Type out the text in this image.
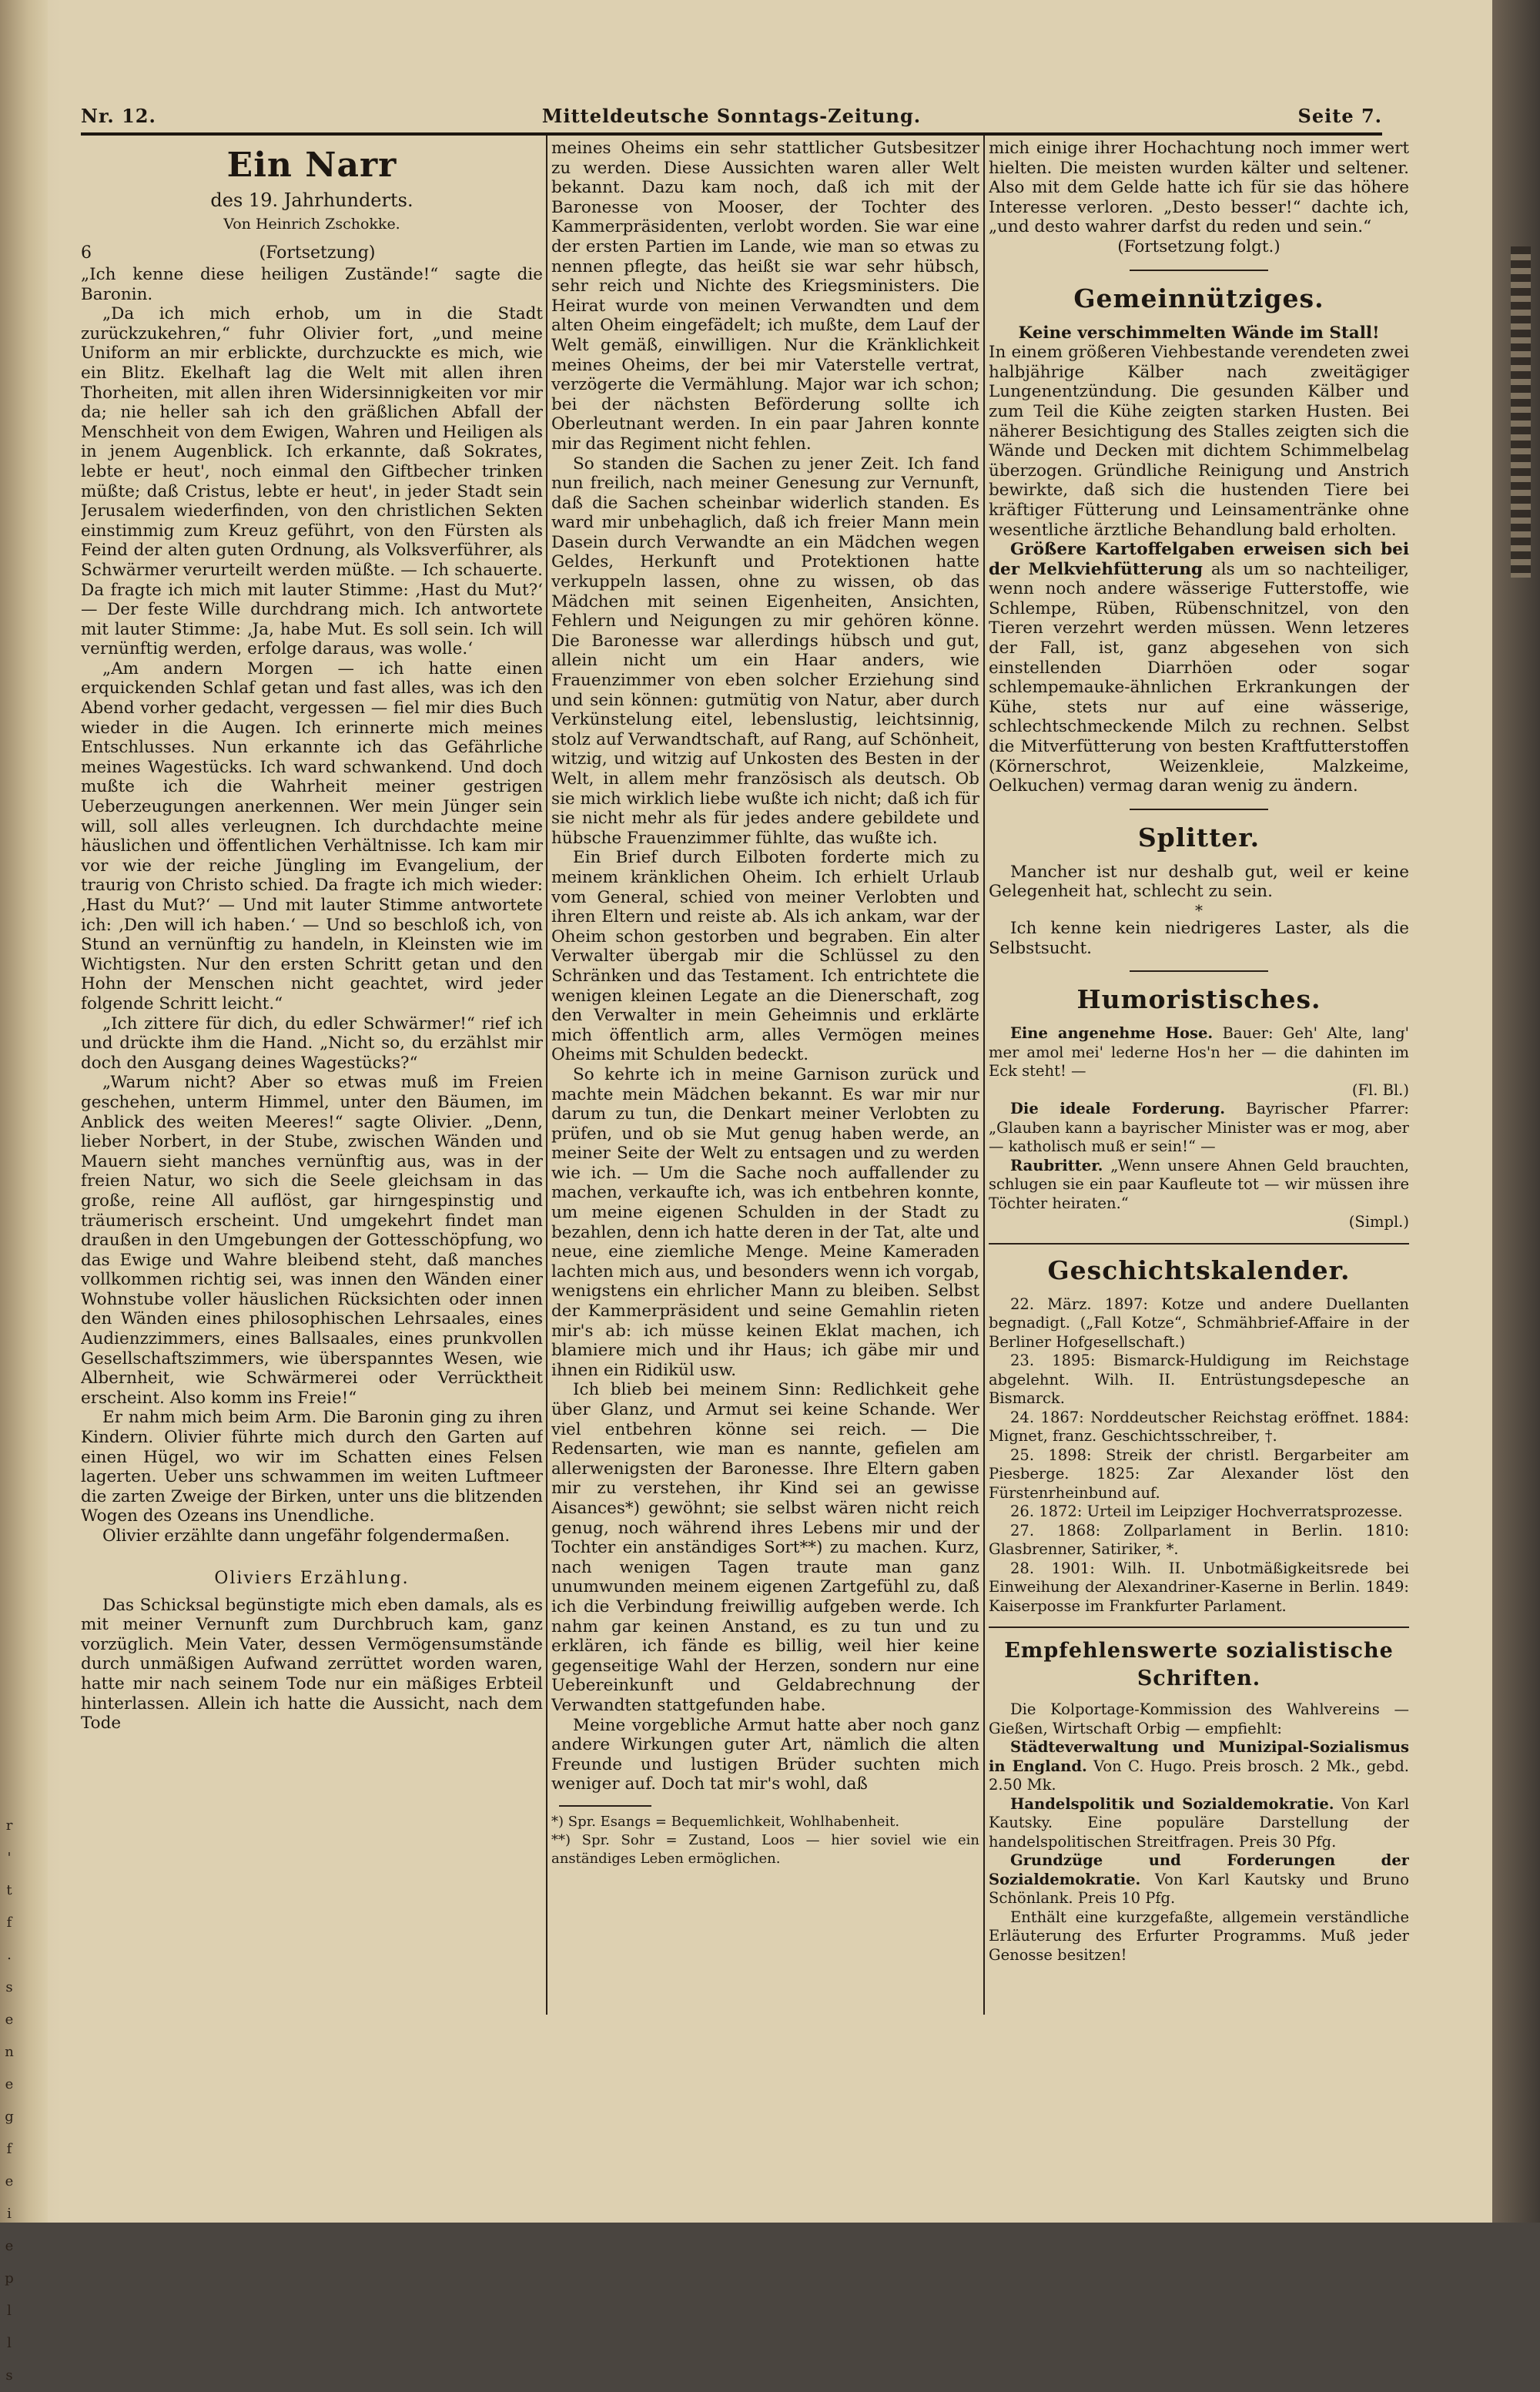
r ' t f . s e n e g f e i e p l l s
Nr. 12.	Mitteldeutsche Sonntags-Zeitung.	Seite 7.
Ein Narr
des 19. Jahrhunderts.
Von Heinrich Zschokke.
6	(Fortsetzung)

„Ich kenne diese heiligen Zustände!“ sagte die Baronin.

„Da ich mich erhob, um in die Stadt zurückzukehren,“ fuhr Olivier fort, „und meine Uniform an mir erblickte, durchzuckte es mich, wie ein Blitz. Ekelhaft lag die Welt mit allen ihren Thorheiten, mit allen ihren Widersinnigkeiten vor mir da; nie heller sah ich den gräßlichen Abfall der Menschheit von dem Ewigen, Wahren und Heiligen als in jenem Augenblick. Ich erkannte, daß Sokrates, lebte er heut', noch einmal den Giftbecher trinken müßte; daß Cristus, lebte er heut', in jeder Stadt sein Jerusalem wiederfinden, von den christlichen Sekten einstimmig zum Kreuz geführt, von den Fürsten als Feind der alten guten Ordnung, als Volksverführer, als Schwärmer verurteilt werden müßte. — Ich schauerte. Da fragte ich mich mit lauter Stimme: ‚Hast du Mut?‘ — Der feste Wille durchdrang mich. Ich antwortete mit lauter Stimme: ‚Ja, habe Mut. Es soll sein. Ich will vernünftig werden, erfolge daraus, was wolle.‘

„Am andern Morgen — ich hatte einen erquickenden Schlaf getan und fast alles, was ich den Abend vorher gedacht, vergessen — fiel mir dies Buch wieder in die Augen. Ich erinnerte mich meines Entschlusses. Nun erkannte ich das Gefährliche meines Wagestücks. Ich ward schwankend. Und doch mußte ich die Wahrheit meiner gestrigen Ueberzeugungen anerkennen. Wer mein Jünger sein will, soll alles verleugnen. Ich durchdachte meine häuslichen und öffentlichen Verhältnisse. Ich kam mir vor wie der reiche Jüngling im Evangelium, der traurig von Christo schied. Da fragte ich mich wieder: ‚Hast du Mut?‘ — Und mit lauter Stimme antwortete ich: ‚Den will ich haben.‘ — Und so beschloß ich, von Stund an vernünftig zu handeln, in Kleinsten wie im Wichtigsten. Nur den ersten Schritt getan und den Hohn der Menschen nicht geachtet, wird jeder folgende Schritt leicht.“

„Ich zittere für dich, du edler Schwärmer!“ rief ich und drückte ihm die Hand. „Nicht so, du erzählst mir doch den Ausgang deines Wagestücks?“

„Warum nicht? Aber so etwas muß im Freien geschehen, unterm Himmel, unter den Bäumen, im Anblick des weiten Meeres!“ sagte Olivier. „Denn, lieber Norbert, in der Stube, zwischen Wänden und Mauern sieht manches vernünftig aus, was in der freien Natur, wo sich die Seele gleichsam in das große, reine All auflöst, gar hirngespinstig und träumerisch erscheint. Und umgekehrt findet man draußen in den Umgebungen der Gottesschöpfung, wo das Ewige und Wahre bleibend steht, daß manches vollkommen richtig sei, was innen den Wänden einer Wohnstube voller häuslichen Rücksichten oder innen den Wänden eines philosophischen Lehrsaales, eines Audienzzimmers, eines Ballsaales, eines prunkvollen Gesellschaftszimmers, wie überspanntes Wesen, wie Albernheit, wie Schwärmerei oder Verrücktheit erscheint. Also komm ins Freie!“

Er nahm mich beim Arm. Die Baronin ging zu ihren Kindern. Olivier führte mich durch den Garten auf einen Hügel, wo wir im Schatten eines Felsen lagerten. Ueber uns schwammen im weiten Luftmeer die zarten Zweige der Birken, unter uns die blitzenden Wogen des Ozeans ins Unendliche.

Olivier erzählte dann ungefähr folgendermaßen.

Oliviers Erzählung.

Das Schicksal begünstigte mich eben damals, als es mit meiner Vernunft zum Durchbruch kam, ganz vorzüglich. Mein Vater, dessen Vermögensumstände durch unmäßigen Aufwand zerrüttet worden waren, hatte mir nach seinem Tode nur ein mäßiges Erbteil hinterlassen. Allein ich hatte die Aussicht, nach dem Tode

meines Oheims ein sehr stattlicher Gutsbesitzer zu werden. Diese Aussichten waren aller Welt bekannt. Dazu kam noch, daß ich mit der Baronesse von Mooser, der Tochter des Kammerpräsidenten, verlobt worden. Sie war eine der ersten Partien im Lande, wie man so etwas zu nennen pflegte, das heißt sie war sehr hübsch, sehr reich und Nichte des Kriegsministers. Die Heirat wurde von meinen Verwandten und dem alten Oheim eingefädelt; ich mußte, dem Lauf der Welt gemäß, einwilligen. Nur die Kränklichkeit meines Oheims, der bei mir Vaterstelle vertrat, verzögerte die Vermählung. Major war ich schon; bei der nächsten Beförderung sollte ich Oberleutnant werden. In ein paar Jahren konnte mir das Regiment nicht fehlen.

So standen die Sachen zu jener Zeit. Ich fand nun freilich, nach meiner Genesung zur Vernunft, daß die Sachen scheinbar widerlich standen. Es ward mir unbehaglich, daß ich freier Mann mein Dasein durch Verwandte an ein Mädchen wegen Geldes, Herkunft und Protektionen hatte verkuppeln lassen, ohne zu wissen, ob das Mädchen mit seinen Eigenheiten, Ansichten, Fehlern und Neigungen zu mir gehören könne. Die Baronesse war allerdings hübsch und gut, allein nicht um ein Haar anders, wie Frauenzimmer von eben solcher Erziehung sind und sein können: gutmütig von Natur, aber durch Verkünstelung eitel, lebenslustig, leichtsinnig, stolz auf Verwandtschaft, auf Rang, auf Schönheit, witzig, und witzig auf Unkosten des Besten in der Welt, in allem mehr französisch als deutsch. Ob sie mich wirklich liebe wußte ich nicht; daß ich für sie nicht mehr als für jedes andere gebildete und hübsche Frauenzimmer fühlte, das wußte ich.

Ein Brief durch Eilboten forderte mich zu meinem kränklichen Oheim. Ich erhielt Urlaub vom General, schied von meiner Verlobten und ihren Eltern und reiste ab. Als ich ankam, war der Oheim schon gestorben und begraben. Ein alter Verwalter übergab mir die Schlüssel zu den Schränken und das Testament. Ich entrichtete die wenigen kleinen Legate an die Dienerschaft, zog den Verwalter in mein Geheimnis und erklärte mich öffentlich arm, alles Vermögen meines Oheims mit Schulden bedeckt.

So kehrte ich in meine Garnison zurück und machte mein Mädchen bekannt. Es war mir nur darum zu tun, die Denkart meiner Verlobten zu prüfen, und ob sie Mut genug haben werde, an meiner Seite der Welt zu entsagen und zu werden wie ich. — Um die Sache noch auffallender zu machen, verkaufte ich, was ich entbehren konnte, um meine eigenen Schulden in der Stadt zu bezahlen, denn ich hatte deren in der Tat, alte und neue, eine ziemliche Menge. Meine Kameraden lachten mich aus, und besonders wenn ich vorgab, wenigstens ein ehrlicher Mann zu bleiben. Selbst der Kammerpräsident und seine Gemahlin rieten mir's ab: ich müsse keinen Eklat machen, ich blamiere mich und ihr Haus; ich gäbe mir und ihnen ein Ridikül usw.

Ich blieb bei meinem Sinn: Redlichkeit gehe über Glanz, und Armut sei keine Schande. Wer viel entbehren könne sei reich. — Die Redensarten, wie man es nannte, gefielen am allerwenigsten der Baronesse. Ihre Eltern gaben mir zu verstehen, ihr Kind sei an gewisse Aisances*) gewöhnt; sie selbst wären nicht reich genug, noch während ihres Lebens mir und der Tochter ein anständiges Sort**) zu machen. Kurz, nach wenigen Tagen traute man ganz unumwunden meinem eigenen Zartgefühl zu, daß ich die Verbindung freiwillig aufgeben werde. Ich nahm gar keinen Anstand, es zu tun und zu erklären, ich fände es billig, weil hier keine gegenseitige Wahl der Herzen, sondern nur eine Uebereinkunft und Geldabrechnung der Verwandten stattgefunden habe.

Meine vorgebliche Armut hatte aber noch ganz andere Wirkungen guter Art, nämlich die alten Freunde und lustigen Brüder suchten mich weniger auf. Doch tat mir's wohl, daß

*) Spr. Esangs = Bequemlichkeit, Wohlhabenheit.

**) Spr. Sohr = Zustand, Loos — hier soviel wie ein anständiges Leben ermöglichen.

mich einige ihrer Hochachtung noch immer wert hielten. Die meisten wurden kälter und seltener. Also mit dem Gelde hatte ich für sie das höhere Interesse verloren. „Desto besser!“ dachte ich, „und desto wahrer darfst du reden und sein.“

(Fortsetzung folgt.)

Gemeinnütziges.

Keine verschimmelten Wände im Stall!

In einem größeren Viehbestande verendeten zwei halbjährige Kälber nach zweitägiger Lungenentzündung. Die gesunden Kälber und zum Teil die Kühe zeigten starken Husten. Bei näherer Besichtigung des Stalles zeigten sich die Wände und Decken mit dichtem Schimmelbelag überzogen. Gründliche Reinigung und Anstrich bewirkte, daß sich die hustenden Tiere bei kräftiger Fütterung und Leinsamentränke ohne wesentliche ärztliche Behandlung bald erholten.

Größere Kartoffelgaben erweisen sich bei der Melkviehfütterung als um so nachteiliger, wenn noch andere wässerige Futterstoffe, wie Schlempe, Rüben, Rübenschnitzel, von den Tieren verzehrt werden müssen. Wenn letzeres der Fall, ist, ganz abgesehen von sich einstellenden Diarrhöen oder sogar schlempemauke-ähnlichen Erkrankungen der Kühe, stets nur auf eine wässerige, schlechtschmeckende Milch zu rechnen. Selbst die Mitverfütterung von besten Kraftfutterstoffen (Körnerschrot, Weizenkleie, Malzkeime, Oelkuchen) vermag daran wenig zu ändern.

Splitter.

Mancher ist nur deshalb gut, weil er keine Gelegenheit hat, schlecht zu sein.

*

Ich kenne kein niedrigeres Laster, als die Selbstsucht.

Humoristisches.

Eine angenehme Hose. Bauer: Geh' Alte, lang' mer amol mei' lederne Hos'n her — die dahinten im Eck steht! —

(Fl. Bl.)

Die ideale Forderung. Bayrischer Pfarrer: „Glauben kann a bayrischer Minister was er mog, aber — katholisch muß er sein!“ —

Raubritter. „Wenn unsere Ahnen Geld brauchten, schlugen sie ein paar Kaufleute tot — wir müssen ihre Töchter heiraten.“

(Simpl.)

Geschichtskalender.

22. März. 1897: Kotze und andere Duellanten begnadigt. („Fall Kotze“, Schmähbrief-Affaire in der Berliner Hofgesellschaft.)

23. 1895: Bismarck-Huldigung im Reichstage abgelehnt. Wilh. II. Entrüstungsdepesche an Bismarck.

24. 1867: Norddeutscher Reichstag eröffnet. 1884: Mignet, franz. Geschichtsschreiber, †.

25. 1898: Streik der christl. Bergarbeiter am Piesberge. 1825: Zar Alexander löst den Fürstenrheinbund auf.

26. 1872: Urteil im Leipziger Hochverratsprozesse.

27. 1868: Zollparlament in Berlin. 1810: Glasbrenner, Satiriker, *.

28. 1901: Wilh. II. Unbotmäßigkeitsrede bei Einweihung der Alexandriner-Kaserne in Berlin. 1849: Kaiserposse im Frankfurter Parlament.

Empfehlenswerte sozialistische Schriften.

Die Kolportage-Kommission des Wahlvereins — Gießen, Wirtschaft Orbig — empfiehlt:

Städteverwaltung und Munizipal-Sozialismus in England. Von C. Hugo. Preis brosch. 2 Mk., gebd. 2.50 Mk.

Handelspolitik und Sozialdemokratie. Von Karl Kautsky. Eine populäre Darstellung der handelspolitischen Streitfragen. Preis 30 Pfg.

Grundzüge und Forderungen der Sozialdemokratie. Von Karl Kautsky und Bruno Schönlank. Preis 10 Pfg.

Enthält eine kurzgefaßte, allgemein verständliche Erläuterung des Erfurter Programms. Muß jeder Genosse besitzen!
